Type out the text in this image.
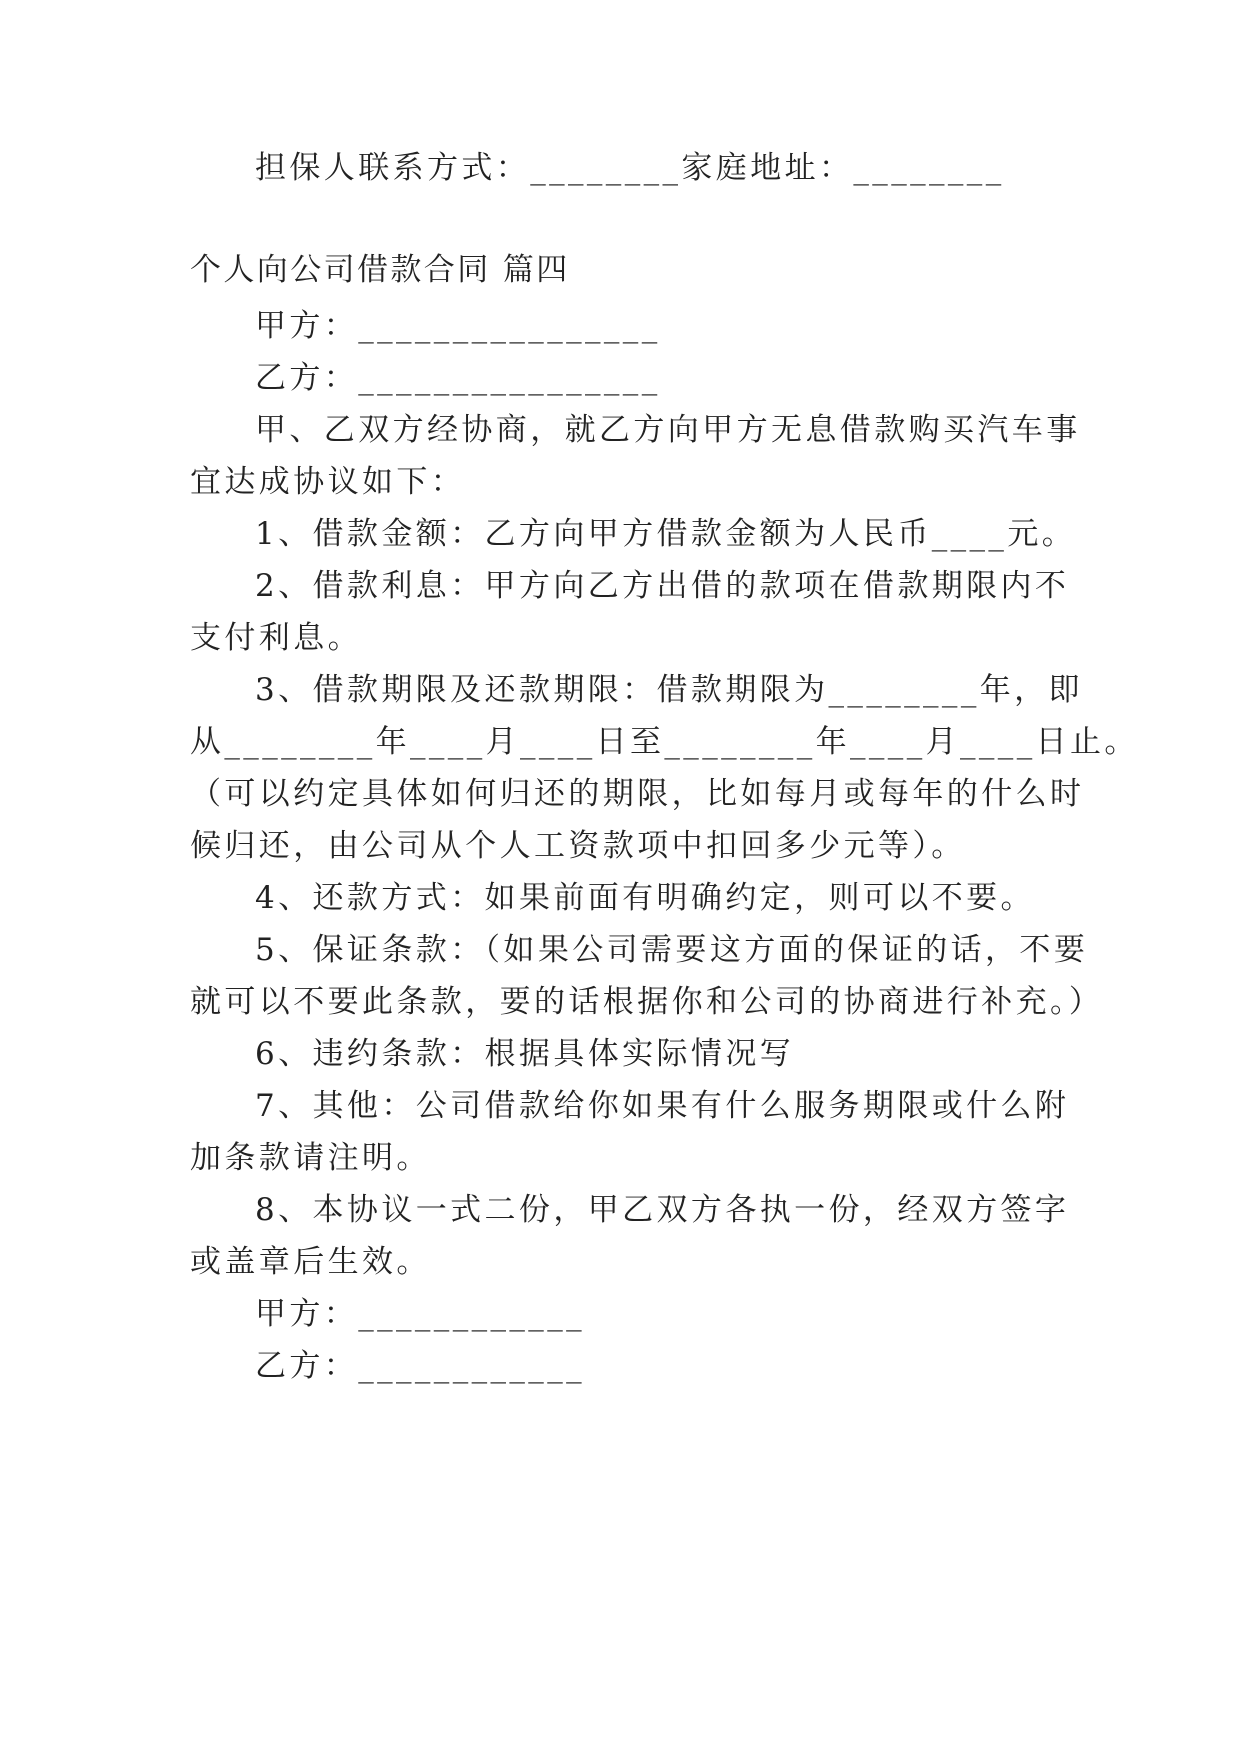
担保人联系方式：________家庭地址：________
个人向公司借款合同 篇四
甲方：________________
乙方：________________
甲、乙双方经协商，就乙方向甲方无息借款购买汽车事
宜达成协议如下：
1、借款金额：乙方向甲方借款金额为人民币____元。
2、借款利息：甲方向乙方出借的款项在借款期限内不
支付利息。
3、借款期限及还款期限：借款期限为________年，即
从________年____月____日至________年____月____日止。
（可以约定具体如何归还的期限，比如每月或每年的什么时
候归还，由公司从个人工资款项中扣回多少元等）。
4、还款方式：如果前面有明确约定，则可以不要。
5、保证条款：（如果公司需要这方面的保证的话，不要
就可以不要此条款，要的话根据你和公司的协商进行补充。）
6、违约条款：根据具体实际情况写
7、其他：公司借款给你如果有什么服务期限或什么附
加条款请注明。
8、本协议一式二份，甲乙双方各执一份，经双方签字
或盖章后生效。
甲方：____________
乙方：____________
